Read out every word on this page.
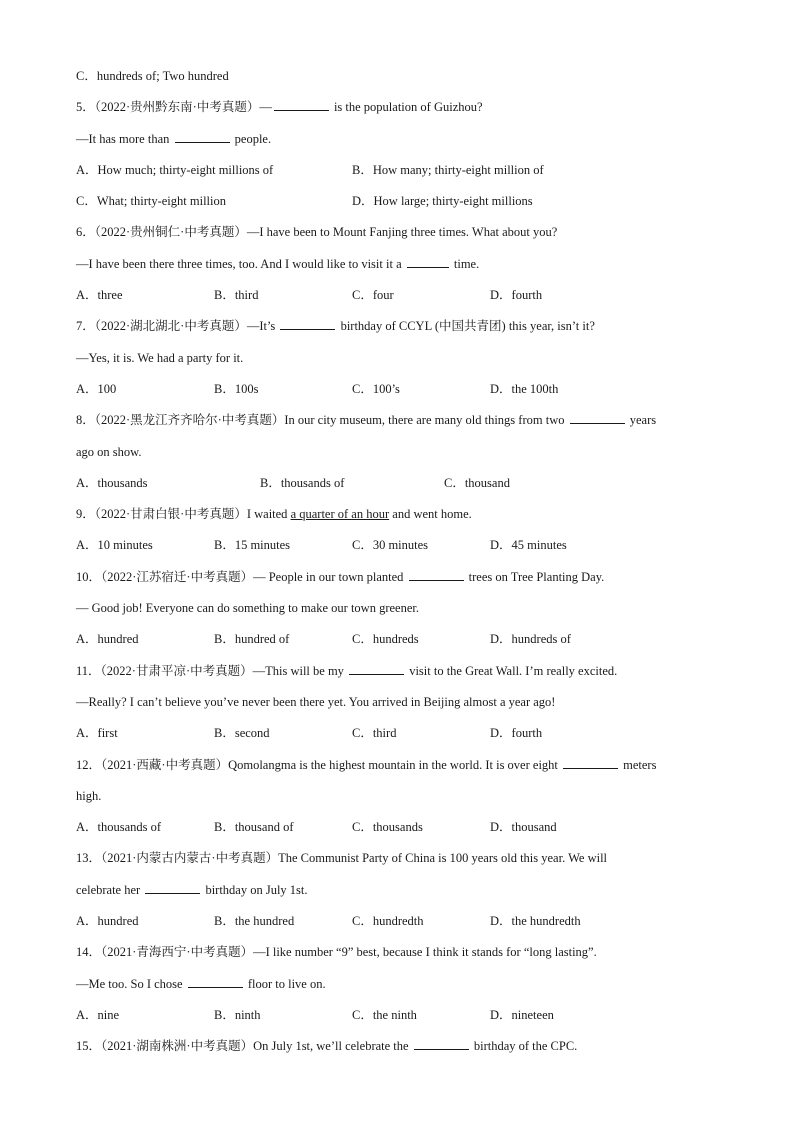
C．hundreds of; Two hundred
5．（2022·贵州黔东南·中考真题）—	is the population of Guizhou?
—It has more than	people.
A．How much; thirty-eight millions of	B．How many; thirty-eight million of
C．What; thirty-eight million	D．How large; thirty-eight millions
6．（2022·贵州铜仁·中考真题）—I have been to Mount Fanjing three times. What about you?
—I have been there three times, too. And I would like to visit it a	time.
A．three	B．third	C．four	D．fourth
7．（2022·湖北湖北·中考真题）—It’s	birthday of CCYL (中国共青团) this year, isn’t it?
—Yes, it is. We had a party for it.
A．100	B．100s	C．100’s	D．the 100th
8．（2022·黑龙江齐齐哈尔·中考真题）In our city museum, there are many old things from two	years
ago on show.
A．thousands	B．thousands of	C．thousand
9．（2022·甘肃白银·中考真题）I waited a quarter of an hour and went home.
A．10 minutes	B．15 minutes	C．30 minutes	D．45 minutes
10．（2022·江苏宿迁·中考真题）— People in our town planted	trees on Tree Planting Day.
— Good job! Everyone can do something to make our town greener.
A．hundred	B．hundred of	C．hundreds	D．hundreds of
11．（2022·甘肃平凉·中考真题）—This will be my	visit to the Great Wall. I’m really excited.
—Really? I can’t believe you’ve never been there yet. You arrived in Beijing almost a year ago!
A．first	B．second	C．third	D．fourth
12．（2021·西藏·中考真题）Qomolangma is the highest mountain in the world. It is over eight	meters
high.
A．thousands of	B．thousand of	C．thousands	D．thousand
13．（2021·内蒙古内蒙古·中考真题）The Communist Party of China is 100 years old this year. We will
celebrate her	birthday on July 1st.
A．hundred	B．the hundred	C．hundredth	D．the hundredth
14．（2021·青海西宁·中考真题）—I like number “9” best, because I think it stands for “long lasting”.
—Me too. So I chose	floor to live on.
A．nine	B．ninth	C．the ninth	D．nineteen
15．（2021·湖南株洲·中考真题）On July 1st, we’ll celebrate the	birthday of the CPC.
